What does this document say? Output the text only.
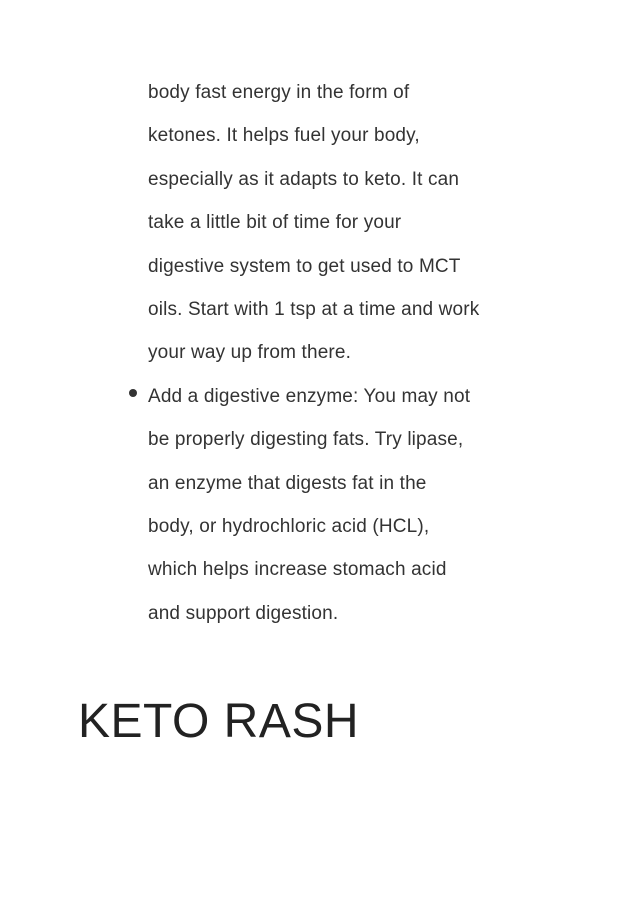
body fast energy in the form of
ketones. It helps fuel your body,
especially as it adapts to keto. It can
take a little bit of time for your
digestive system to get used to MCT
oils. Start with 1 tsp at a time and work
your way up from there.
Add a digestive enzyme: You may not
be properly digesting fats. Try lipase,
an enzyme that digests fat in the
body, or hydrochloric acid (HCL),
which helps increase stomach acid
and support digestion.
KETO RASH
